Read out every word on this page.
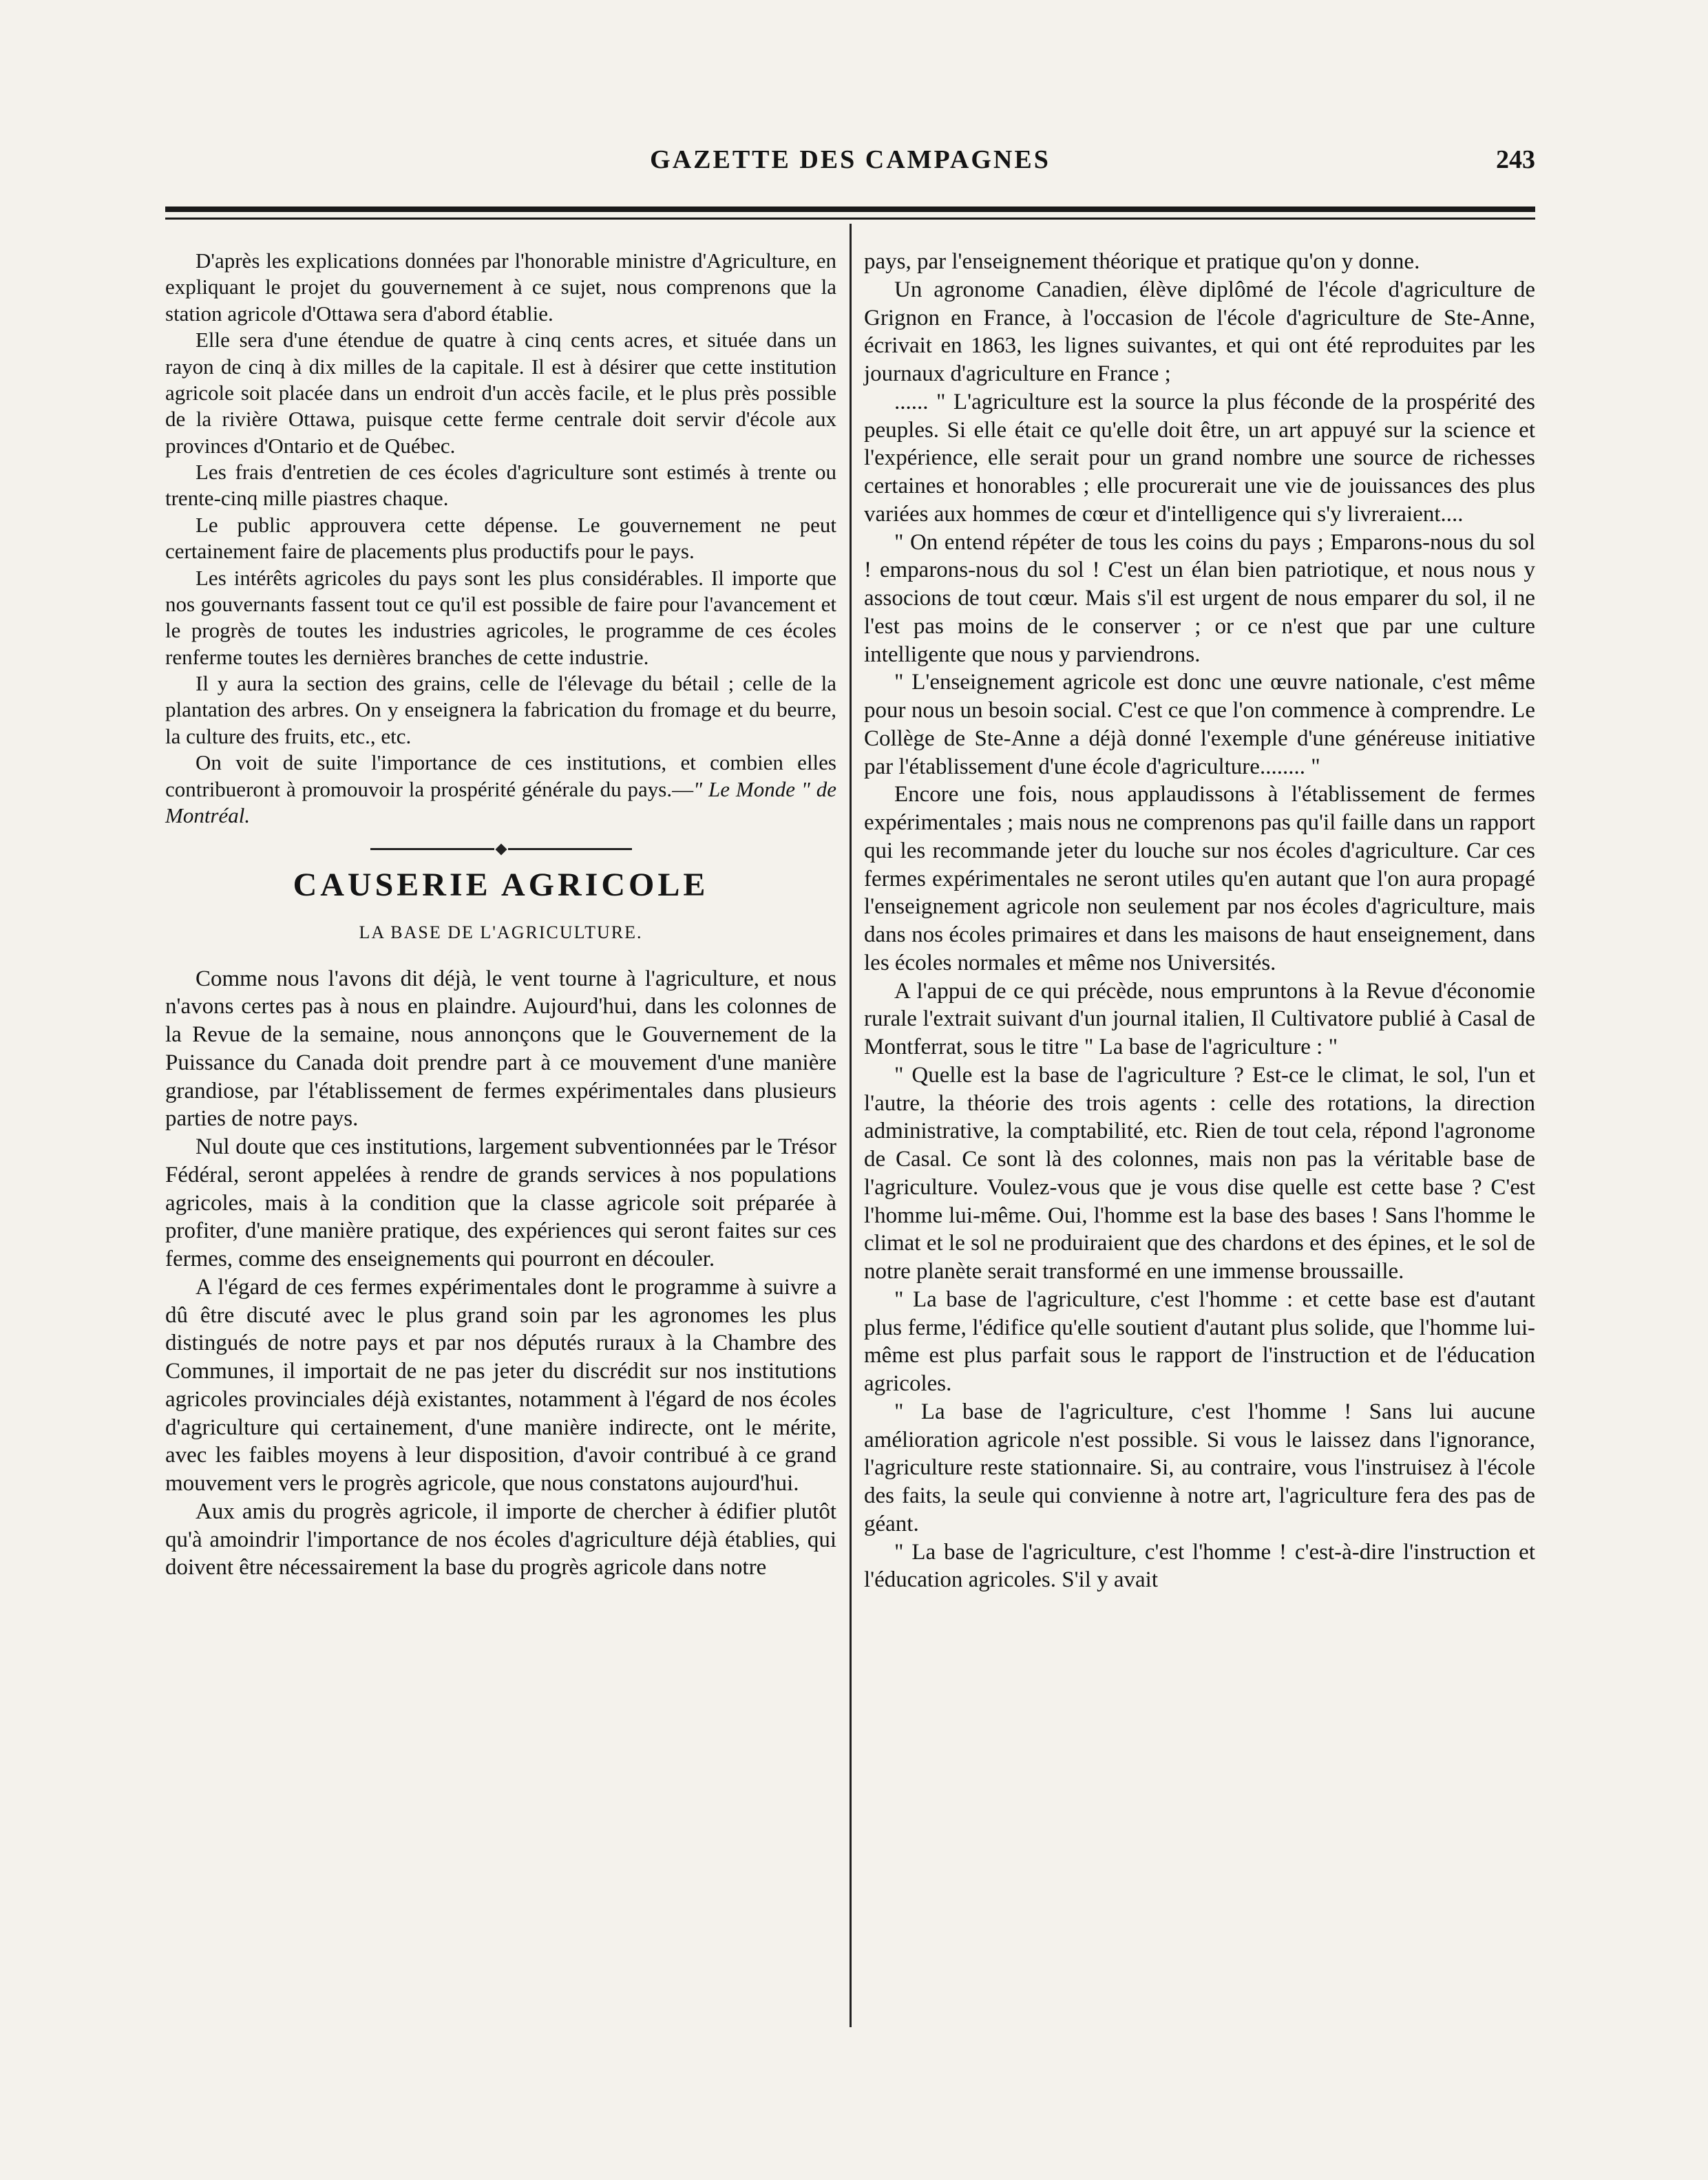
GAZETTE DES CAMPAGNES	243

D'après les explications données par l'honorable ministre d'Agriculture, en expliquant le projet du gouvernement à ce sujet, nous comprenons que la station agricole d'Ottawa sera d'abord établie.

Elle sera d'une étendue de quatre à cinq cents acres, et située dans un rayon de cinq à dix milles de la capitale. Il est à désirer que cette institution agricole soit placée dans un endroit d'un accès facile, et le plus près possible de la rivière Ottawa, puisque cette ferme centrale doit servir d'école aux provinces d'Ontario et de Québec.

Les frais d'entretien de ces écoles d'agriculture sont estimés à trente ou trente-cinq mille piastres chaque.

Le public approuvera cette dépense. Le gouvernement ne peut certainement faire de placements plus productifs pour le pays.

Les intérêts agricoles du pays sont les plus considérables. Il importe que nos gouvernants fassent tout ce qu'il est possible de faire pour l'avancement et le progrès de toutes les industries agricoles, le programme de ces écoles renferme toutes les dernières branches de cette industrie.

Il y aura la section des grains, celle de l'élevage du bétail ; celle de la plantation des arbres. On y enseignera la fabrication du fromage et du beurre, la culture des fruits, etc., etc.

On voit de suite l'importance de ces institutions, et combien elles contribueront à promouvoir la prospérité générale du pays.—" Le Monde " de Montréal.

CAUSERIE AGRICOLE
LA BASE DE L'AGRICULTURE.

Comme nous l'avons dit déjà, le vent tourne à l'agriculture, et nous n'avons certes pas à nous en plaindre. Aujourd'hui, dans les colonnes de la Revue de la semaine, nous annonçons que le Gouvernement de la Puissance du Canada doit prendre part à ce mouvement d'une manière grandiose, par l'établissement de fermes expérimentales dans plusieurs parties de notre pays.

Nul doute que ces institutions, largement subventionnées par le Trésor Fédéral, seront appelées à rendre de grands services à nos populations agricoles, mais à la condition que la classe agricole soit préparée à profiter, d'une manière pratique, des expériences qui seront faites sur ces fermes, comme des enseignements qui pourront en découler.

A l'égard de ces fermes expérimentales dont le programme à suivre a dû être discuté avec le plus grand soin par les agronomes les plus distingués de notre pays et par nos députés ruraux à la Chambre des Communes, il importait de ne pas jeter du discrédit sur nos institutions agricoles provinciales déjà existantes, notamment à l'égard de nos écoles d'agriculture qui certainement, d'une manière indirecte, ont le mérite, avec les faibles moyens à leur disposition, d'avoir contribué à ce grand mouvement vers le progrès agricole, que nous constatons aujourd'hui.

Aux amis du progrès agricole, il importe de chercher à édifier plutôt qu'à amoindrir l'importance de nos écoles d'agriculture déjà établies, qui doivent être nécessairement la base du progrès agricole dans notre

pays, par l'enseignement théorique et pratique qu'on y donne.

Un agronome Canadien, élève diplômé de l'école d'agriculture de Grignon en France, à l'occasion de l'école d'agriculture de Ste-Anne, écrivait en 1863, les lignes suivantes, et qui ont été reproduites par les journaux d'agriculture en France ;

...... " L'agriculture est la source la plus féconde de la prospérité des peuples. Si elle était ce qu'elle doit être, un art appuyé sur la science et l'expérience, elle serait pour un grand nombre une source de richesses certaines et honorables ; elle procurerait une vie de jouissances des plus variées aux hommes de cœur et d'intelligence qui s'y livreraient....

" On entend répéter de tous les coins du pays ; Emparons-nous du sol ! emparons-nous du sol ! C'est un élan bien patriotique, et nous nous y associons de tout cœur. Mais s'il est urgent de nous emparer du sol, il ne l'est pas moins de le conserver ; or ce n'est que par une culture intelligente que nous y parviendrons.

" L'enseignement agricole est donc une œuvre nationale, c'est même pour nous un besoin social. C'est ce que l'on commence à comprendre. Le Collège de Ste-Anne a déjà donné l'exemple d'une généreuse initiative par l'établissement d'une école d'agriculture........ "

Encore une fois, nous applaudissons à l'établissement de fermes expérimentales ; mais nous ne comprenons pas qu'il faille dans un rapport qui les recommande jeter du louche sur nos écoles d'agriculture. Car ces fermes expérimentales ne seront utiles qu'en autant que l'on aura propagé l'enseignement agricole non seulement par nos écoles d'agriculture, mais dans nos écoles primaires et dans les maisons de haut enseignement, dans les écoles normales et même nos Universités.

A l'appui de ce qui précède, nous empruntons à la Revue d'économie rurale l'extrait suivant d'un journal italien, Il Cultivatore publié à Casal de Montferrat, sous le titre " La base de l'agriculture : "

" Quelle est la base de l'agriculture ? Est-ce le climat, le sol, l'un et l'autre, la théorie des trois agents : celle des rotations, la direction administrative, la comptabilité, etc. Rien de tout cela, répond l'agronome de Casal. Ce sont là des colonnes, mais non pas la véritable base de l'agriculture. Voulez-vous que je vous dise quelle est cette base ? C'est l'homme lui-même. Oui, l'homme est la base des bases ! Sans l'homme le climat et le sol ne produiraient que des chardons et des épines, et le sol de notre planète serait transformé en une immense broussaille.

" La base de l'agriculture, c'est l'homme : et cette base est d'autant plus ferme, l'édifice qu'elle soutient d'autant plus solide, que l'homme lui-même est plus parfait sous le rapport de l'instruction et de l'éducation agricoles.

" La base de l'agriculture, c'est l'homme ! Sans lui aucune amélioration agricole n'est possible. Si vous le laissez dans l'ignorance, l'agriculture reste stationnaire. Si, au contraire, vous l'instruisez à l'école des faits, la seule qui convienne à notre art, l'agriculture fera des pas de géant.

" La base de l'agriculture, c'est l'homme ! c'est-à-dire l'instruction et l'éducation agricoles. S'il y avait
